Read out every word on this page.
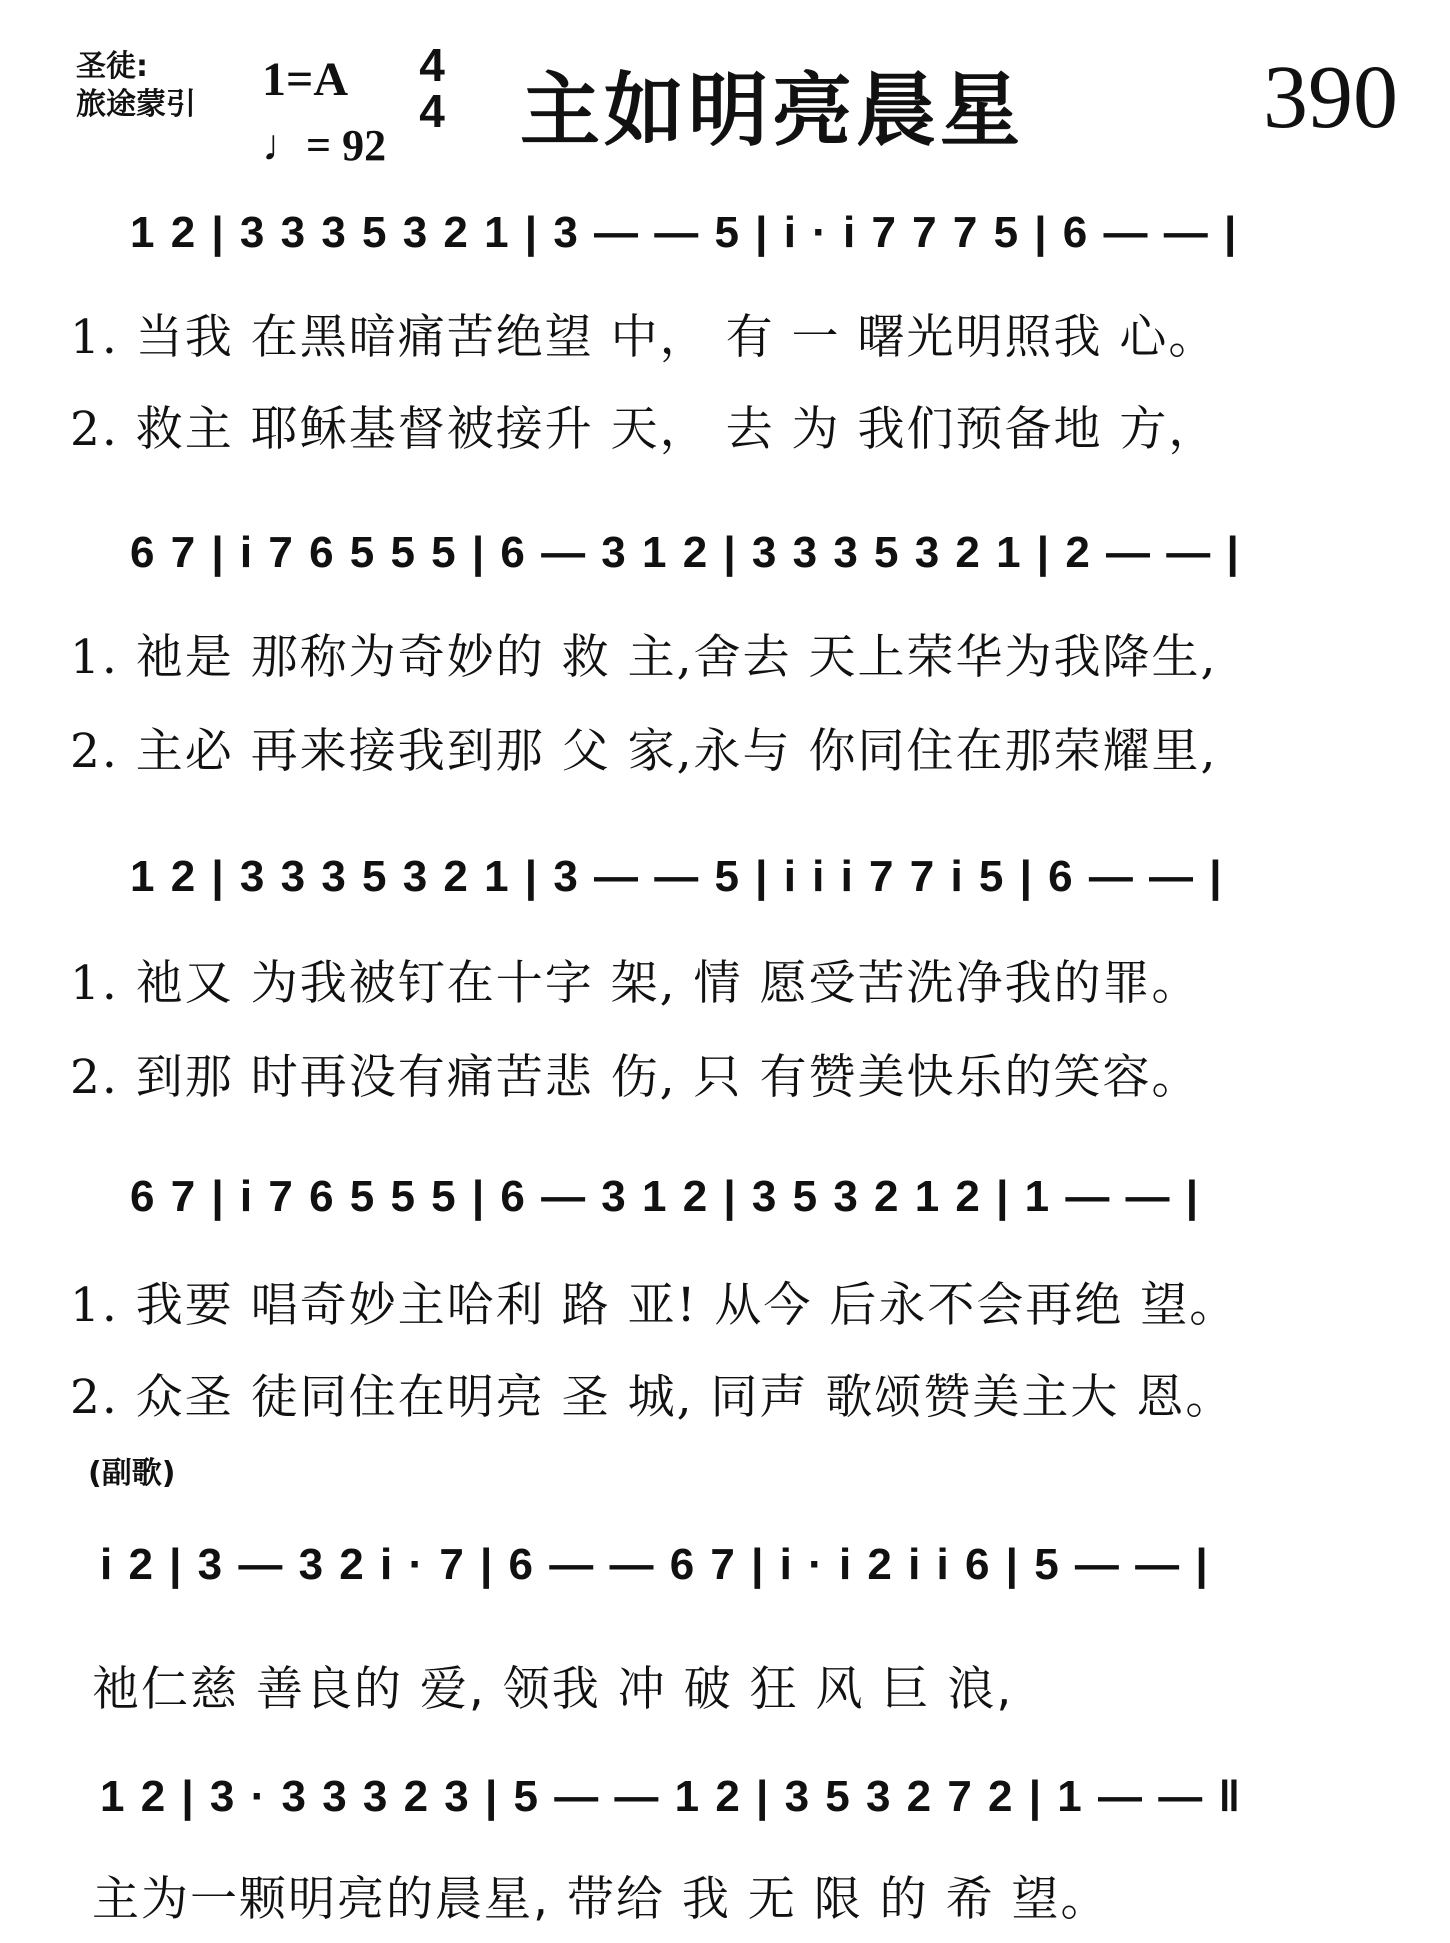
圣徒:
旅途蒙引 1=A
♩= 92
4
4 主如明亮晨星	390
1 2 | 3 3 3 5 3 2 1 | 3 — — 5 | i · i 7 7 7 5 | 6 — — |
1. 当我 在黑暗痛苦绝望 中， 有 一 曙光明照我 心。
2. 救主 耶稣基督被接升 天， 去 为 我们预备地 方，
6 7 | i 7 6 5 5 5 | 6 — 3 1 2 | 3 3 3 5 3 2 1 | 2 — — |
1. 祂是 那称为奇妙的 救 主,舍去 天上荣华为我降生,
2. 主必 再来接我到那 父 家,永与 你同住在那荣耀里,
1 2 | 3 3 3 5 3 2 1 | 3 — — 5 | i i i 7 7 i 5 | 6 — — |
1. 祂又 为我被钉在十字 架, 情 愿受苦洗净我的罪。
2. 到那 时再没有痛苦悲 伤, 只 有赞美快乐的笑容。
6 7 | i 7 6 5 5 5 | 6 — 3 1 2 | 3 5 3 2 1 2 | 1 — — |
1. 我要 唱奇妙主哈利 路 亚! 从今 后永不会再绝 望。
2. 众圣 徒同住在明亮 圣 城, 同声 歌颂赞美主大 恩。
(副歌)
i 2 | 3 — 3 2 i · 7 | 6 — — 6 7 | i · i 2 i i 6 | 5 — — |
祂仁慈 善良的 爱, 领我 冲 破 狂 风 巨 浪,
1 2 | 3 · 3 3 3 2 3 | 5 — — 1 2 | 3 5 3 2 7 2 | 1 — — ‖
主为一颗明亮的晨星, 带给 我 无 限 的 希 望。
